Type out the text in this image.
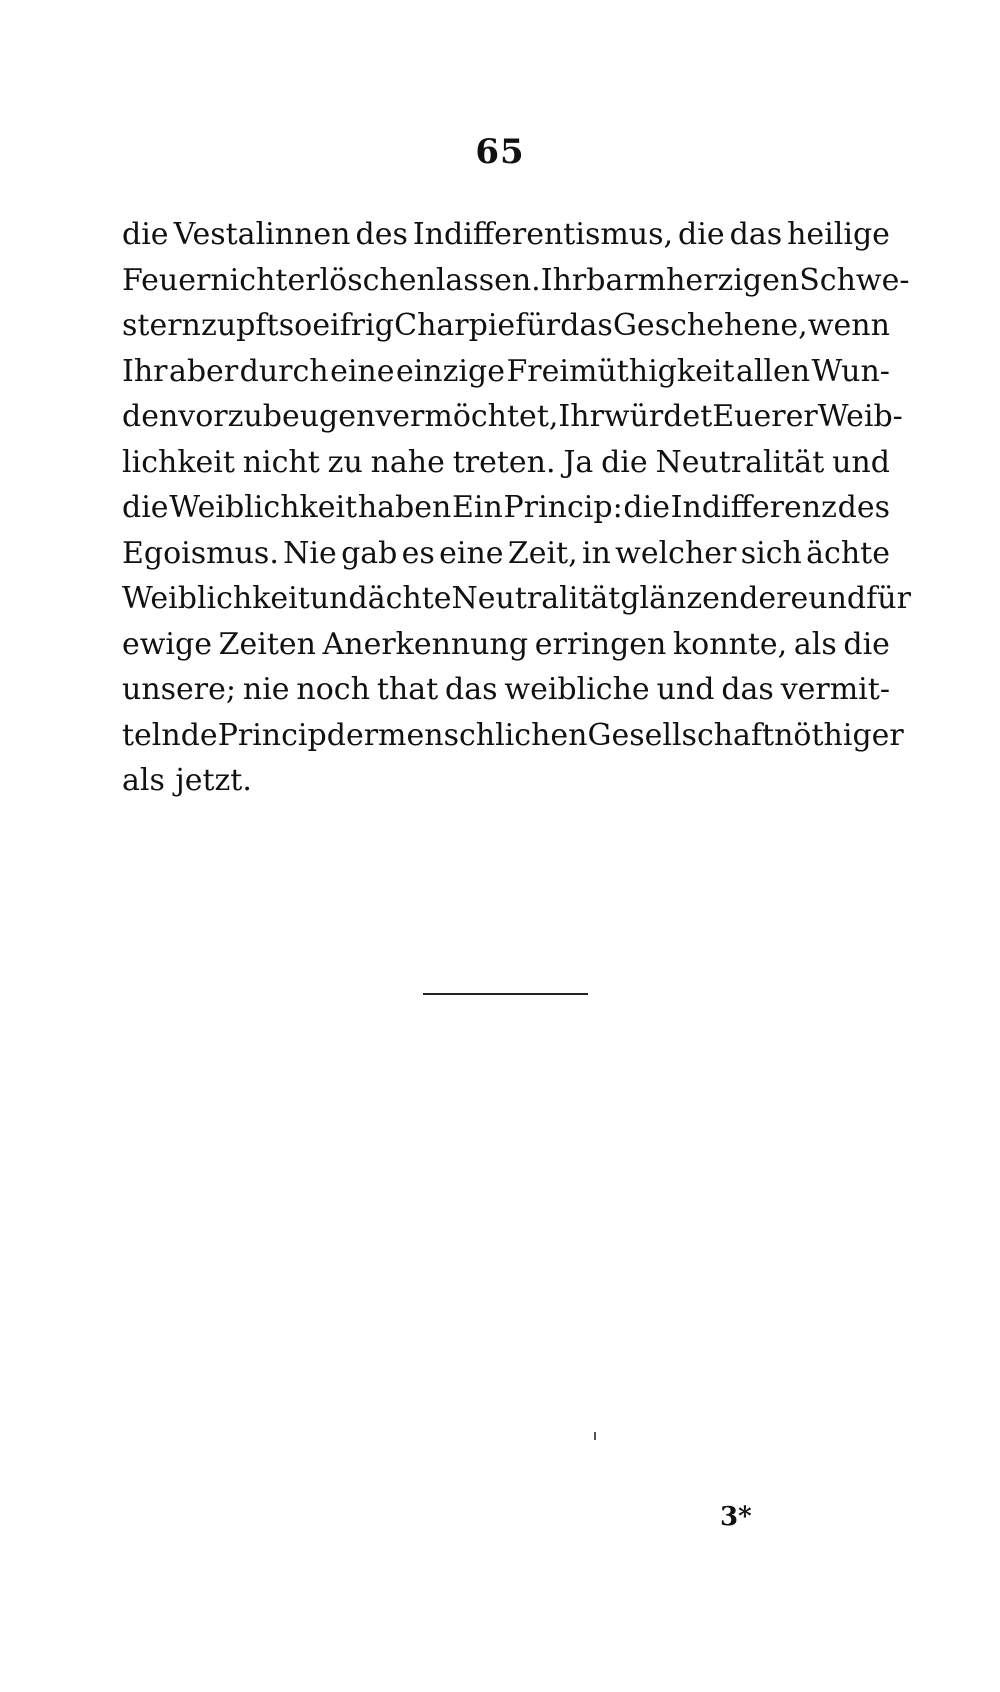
65
die Vestalinnen des Indifferentismus, die das heilige
Feuer nicht erlöschen lassen. Ihr barmherzigen Schwe-
stern zupft so eifrig Charpie für das Geschehene, wenn
Ihr aber durch eine einzige Freimüthigkeit allen Wun-
den vorzubeugen vermöchtet, Ihr würdet Euerer Weib-
lichkeit nicht zu nahe treten. Ja die Neutralität und
die Weiblichkeit haben Ein Princip: die Indifferenz des
Egoismus. Nie gab es eine Zeit, in welcher sich ächte
Weiblichkeit und ächte Neutralität glänzendere und für
ewige Zeiten Anerkennung erringen konnte, als die
unsere; nie noch that das weibliche und das vermit-
telnde Princip der menschlichen Gesellschaft nöthiger
als jetzt.
3*
